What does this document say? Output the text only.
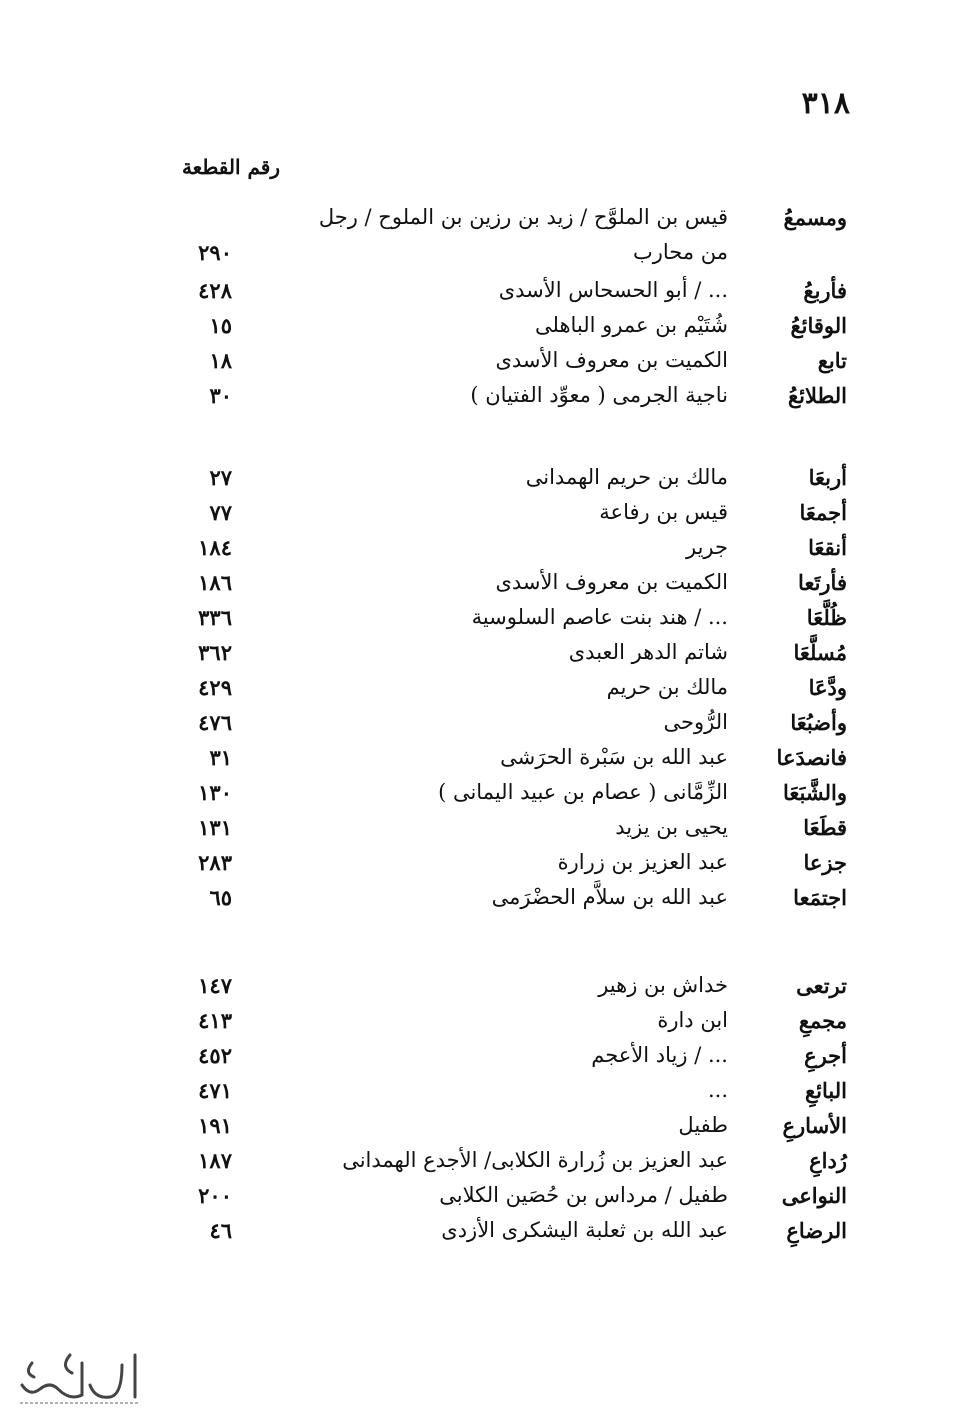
٣١٨
رقم القطعة
ومسمعُ
قيس بن الملوَّح / زيد بن رزين بن الملوح / رجل
من محارب
٢٩٠
فأربعُ
... / أبو الحسحاس الأسدى
٤٢٨
الوقائعُ
شُتَيْم بن عمرو الباهلى
١٥
تابع
الكميت بن معروف الأسدى
١٨
الطلائعُ
ناجية الجرمى ( معوِّد الفتيان )
٣٠
أربعَا
مالك بن حريم الهمدانى
٢٧
أجمعَا
قيس بن رفاعة
٧٧
أنقعَا
جرير
١٨٤
فأرتَعا
الكميت بن معروف الأسدى
١٨٦
ظُلَّعَا
... / هند بنت عاصم السلوسية
٣٣٦
مُسلَّعَا
شاتم الدهر العبدى
٣٦٢
ودَّعَا
مالك بن حريم
٤٢٩
وأضبُعَا
الرُّوحى
٤٧٦
فانصدَعا
عبد الله بن سَبْرة الحرَشى
٣١
والشَّبَعَا
الزِّمَّانى ( عصام بن عبيد اليمانى )
١٣٠
قطَعَا
يحيى بن يزيد
١٣١
جزعا
عبد العزيز بن زرارة
٢٨٣
اجتمَعا
عبد الله بن سلاَّم الحضْرَمى
٦٥
ترتعى
خداش بن زهير
١٤٧
مجمعِ
ابن دارة
٤١٣
أجرعِ
... / زياد الأعجم
٤٥٢
البائعِ
...
٤٧١
الأسارعِ
طفيل
١٩١
رُداعِ
عبد العزيز بن زُرارة الكلابى/ الأجدع الهمدانى
١٨٧
النواعى
طفيل / مرداس بن حُصَين الكلابى
٢٠٠
الرضاعِ
عبد الله بن ثعلبة اليشكرى الأزدى
٤٦
